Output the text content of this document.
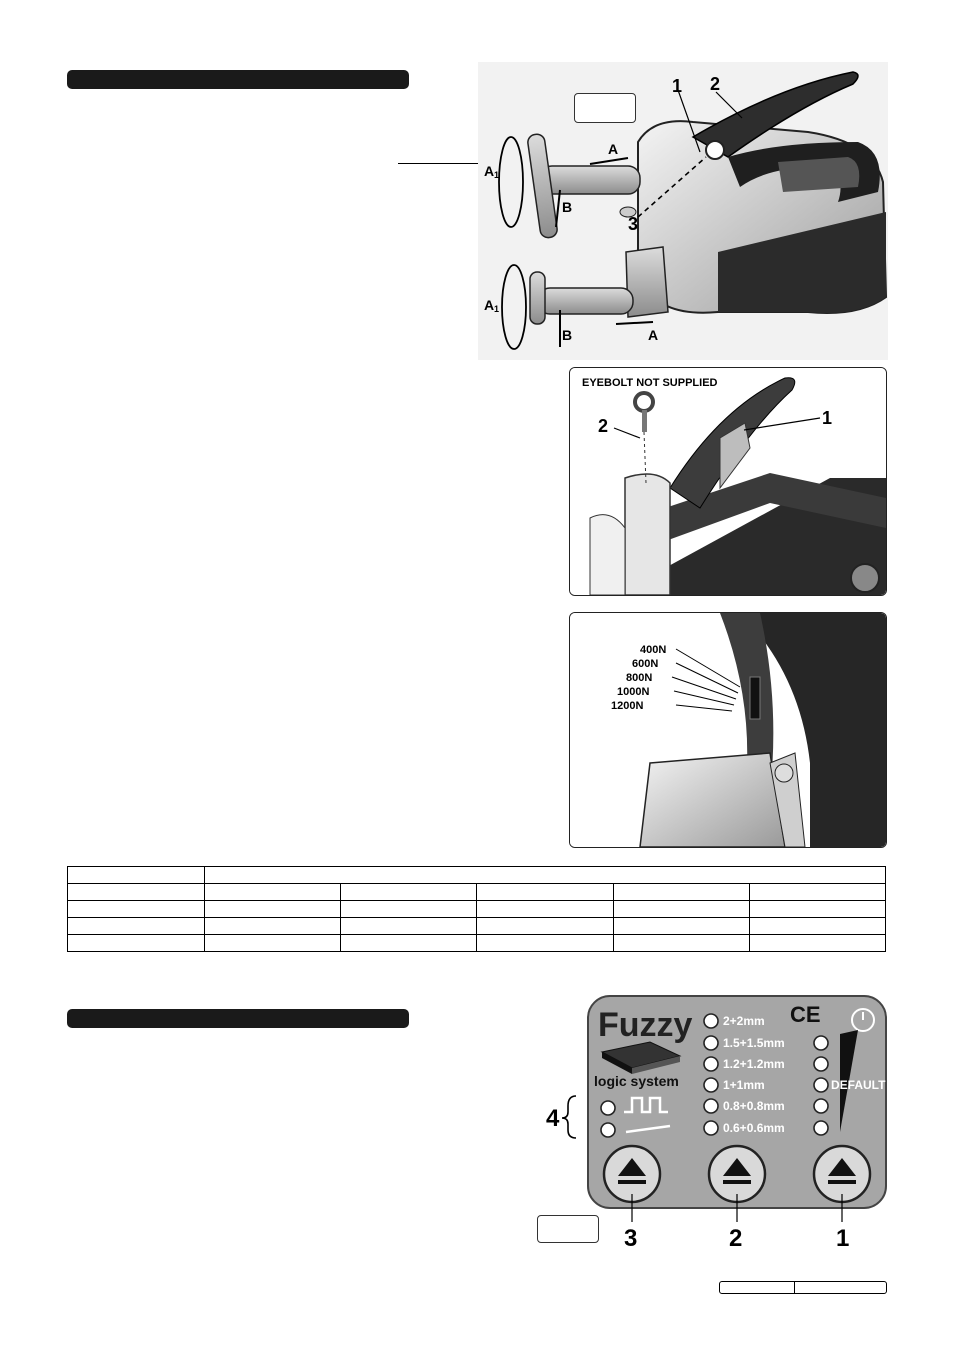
1 2
3
A
B
B	A
A 1
A 1
EYEBOLT NOT SUPPLIED
1
2
400N
600N
800N
1000N
1200N

Fuzzy
logic system
2+2mm
1.5+1.5mm
1.2+1.2mm
1+1mm
0.8+0.8mm
0.6+0.6mm
CE
DEFAULT
3	2	1
4
